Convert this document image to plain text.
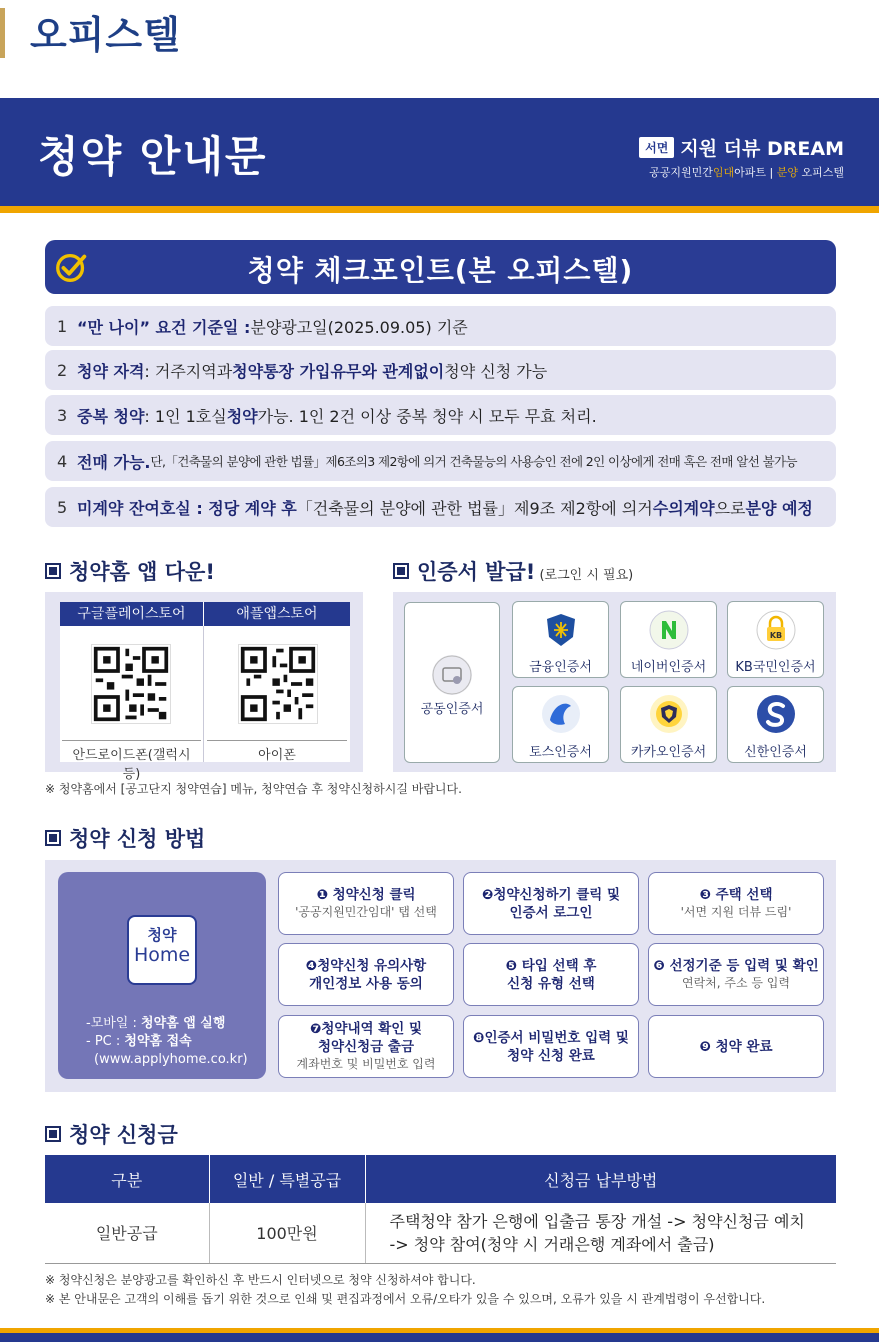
오피스텔
청약 안내문	서면 지원 더뷰 DREAM
공공지원민간임대아파트 | 분양 오피스텔
청약 체크포인트(본 오피스텔)
1 “만 나이” 요건 기준일 : 분양광고일(2025.09.05) 기준
2 청약 자격 : 거주지역과 청약통장 가입유무와 관계없이 청약 신청 가능
3 중복 청약 : 1인 1호실 청약 가능. 1인 2건 이상 중복 청약 시 모두 무효 처리.
4 전매 가능. 단,「건축물의 분양에 관한 법률」제6조의3 제2항에 의거 건축물능의 사용승인 전에 2인 이상에게 전매 혹은 전매 알선 불가능
5 미계약 잔여호실 : 정당 계약 후 「건축물의 분양에 관한 법률」제9조 제2항에 의거 수의계약 으로 분양 예정
청약홈 앱 다운!
구글플레이스토어	애플앱스토어
안드로이드폰(갤럭시 등)
아이폰
인증서 발급! (로그인 시 필요)
공동인증서
금융인증서	네이버인증서
KB
KB국민인증서
토스인증서	카카오인증서	신한인증서
※ 청약홈에서 [공고단지 청약연습] 메뉴, 청약연습 후 청약신청하시길 바랍니다.
청약 신청 방법
청약
Home
-모바일 : 청약홈 앱 실행
- PC : 청약홈 접속
(www.applyhome.co.kr)
❶ 청약신청 클릭
'공공지원민간임대' 탭 선택
❷청약신청하기 클릭 및
인증서 로그인
❸ 주택 선택
'서면 지원 더뷰 드림'
❹청약신청 유의사항
개인정보 사용 동의
❺ 타입 선택 후
신청 유형 선택
❻ 선정기준 등 입력 및 확인
연락처, 주소 등 입력
❼청약내역 확인 및
청약신청금 출금
계좌번호 및 비밀번호 입력
❽인증서 비밀번호 입력 및
청약 신청 완료
❾ 청약 완료
청약 신청금
구분	일반 / 특별공급	신청금 납부방법
일반공급	100만원	주택청약 참가 은행에 입출금 통장 개설 -> 청약신청금 예치
-> 청약 참여(청약 시 거래은행 계좌에서 출금)
※ 청약신청은 분양광고를 확인하신 후 반드시 인터넷으로 청약 신청하셔야 합니다.
※ 본 안내문은 고객의 이해를 돕기 위한 것으로 인쇄 및 편집과정에서 오류/오타가 있을 수 있으며, 오류가 있을 시 관계법령이 우선합니다.
